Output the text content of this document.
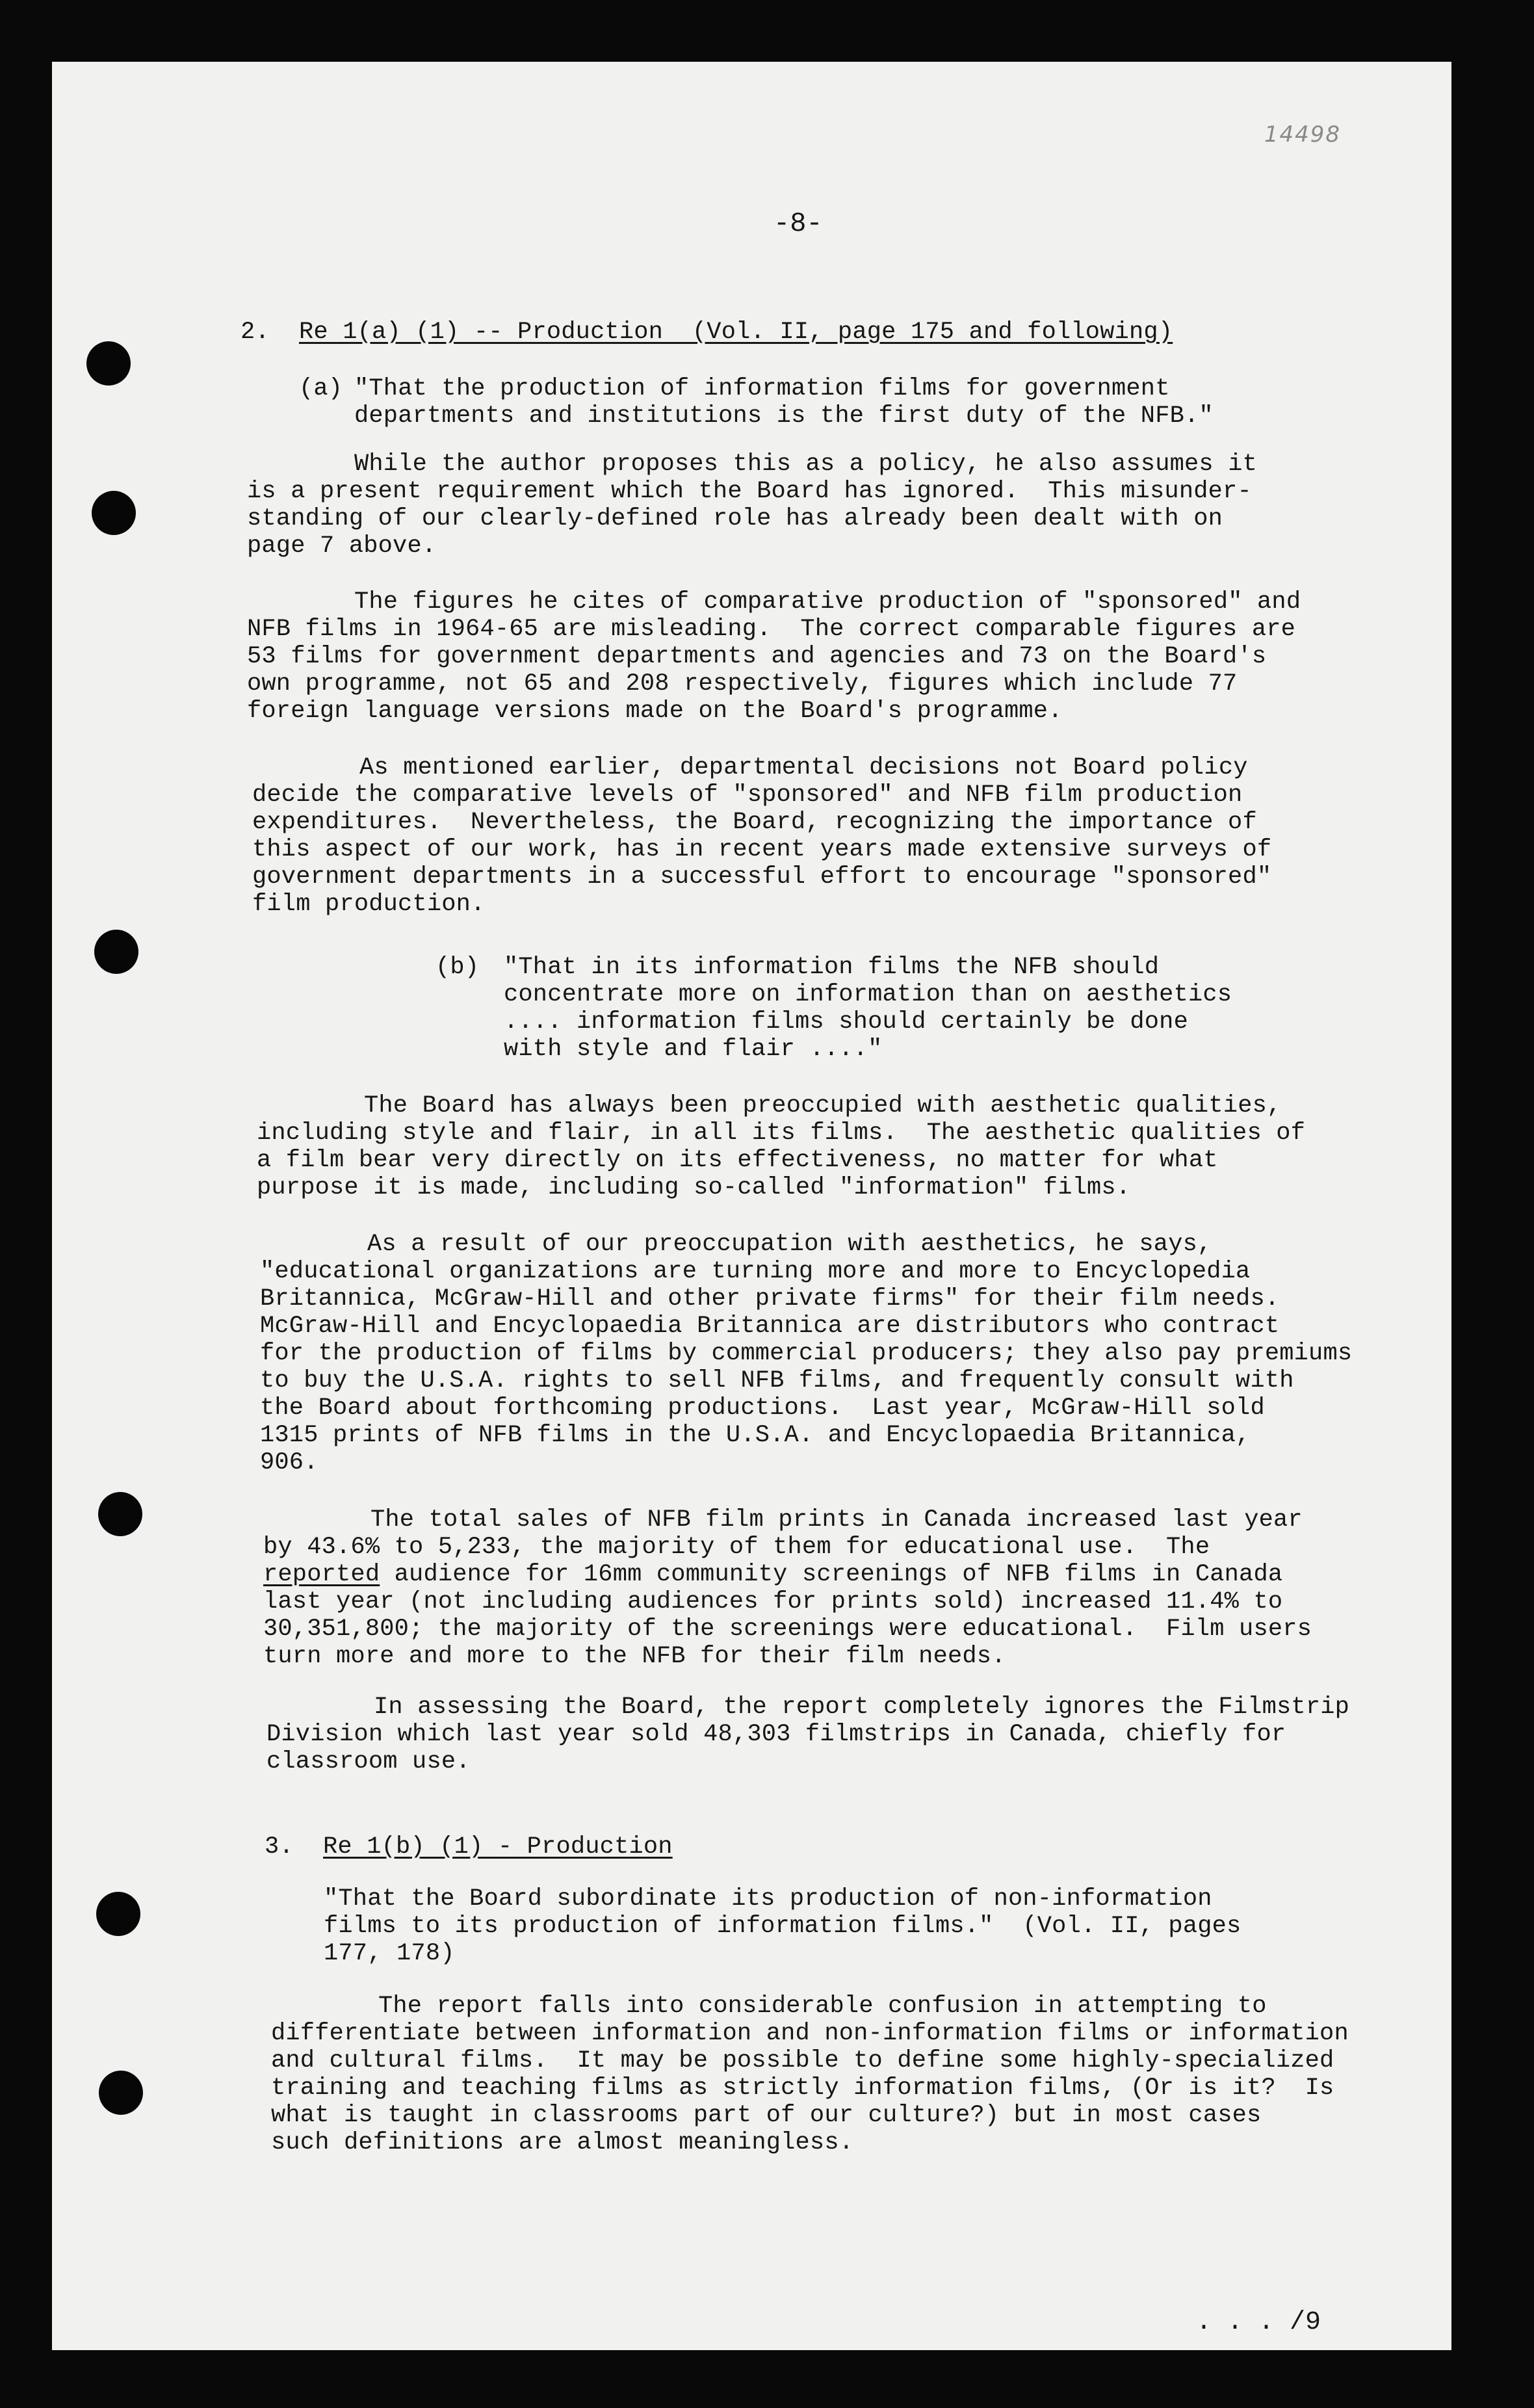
14498
-8-
2. Re 1(a) (1) -- Production  (Vol. II, page 175 and following)
(a) "That the production of information films for government
departments and institutions is the first duty of the NFB."
While the author proposes this as a policy, he also assumes it
is a present requirement which the Board has ignored.  This misunder-
standing of our clearly-defined role has already been dealt with on
page 7 above.
The figures he cites of comparative production of "sponsored" and
NFB films in 1964-65 are misleading.  The correct comparable figures are
53 films for government departments and agencies and 73 on the Board's
own programme, not 65 and 208 respectively, figures which include 77
foreign language versions made on the Board's programme.
As mentioned earlier, departmental decisions not Board policy
decide the comparative levels of "sponsored" and NFB film production
expenditures.  Nevertheless, the Board, recognizing the importance of
this aspect of our work, has in recent years made extensive surveys of
government departments in a successful effort to encourage "sponsored"
film production.
(b) "That in its information films the NFB should
concentrate more on information than on aesthetics
.... information films should certainly be done
with style and flair ...."
The Board has always been preoccupied with aesthetic qualities,
including style and flair, in all its films.  The aesthetic qualities of
a film bear very directly on its effectiveness, no matter for what
purpose it is made, including so-called "information" films.
As a result of our preoccupation with aesthetics, he says,
"educational organizations are turning more and more to Encyclopedia
Britannica, McGraw-Hill and other private firms" for their film needs.
McGraw-Hill and Encyclopaedia Britannica are distributors who contract
for the production of films by commercial producers; they also pay premiums
to buy the U.S.A. rights to sell NFB films, and frequently consult with
the Board about forthcoming productions.  Last year, McGraw-Hill sold
1315 prints of NFB films in the U.S.A. and Encyclopaedia Britannica,
906.
The total sales of NFB film prints in Canada increased last year
by 43.6% to 5,233, the majority of them for educational use.  The
reported audience for 16mm community screenings of NFB films in Canada
last year (not including audiences for prints sold) increased 11.4% to
30,351,800; the majority of the screenings were educational.  Film users
turn more and more to the NFB for their film needs.
In assessing the Board, the report completely ignores the Filmstrip
Division which last year sold 48,303 filmstrips in Canada, chiefly for
classroom use.
3. Re 1(b) (1) - Production
"That the Board subordinate its production of non-information
films to its production of information films."  (Vol. II, pages
177, 178)
The report falls into considerable confusion in attempting to
differentiate between information and non-information films or information
and cultural films.  It may be possible to define some highly-specialized
training and teaching films as strictly information films, (Or is it?  Is
what is taught in classrooms part of our culture?) but in most cases
such definitions are almost meaningless.
. . . /9
